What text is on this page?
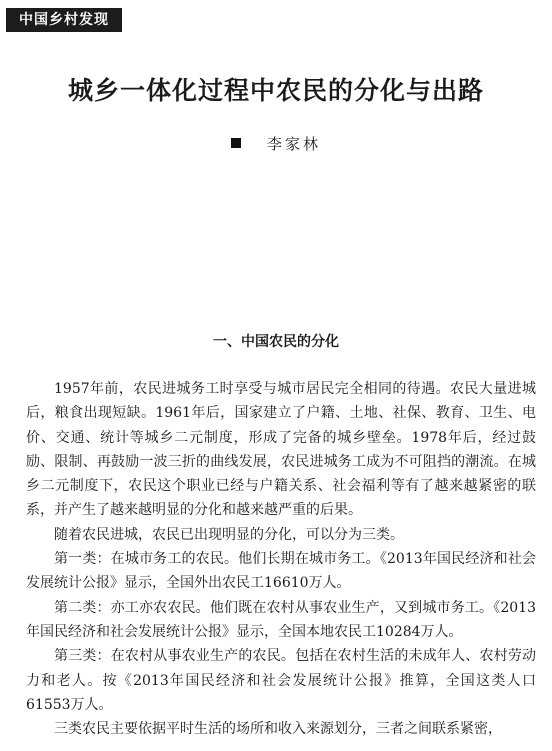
中国乡村发现
城乡一体化过程中农民的分化与出路
李家林
一、中国农民的分化

1957年前，农民进城务工时享受与城市居民完全相同的待遇。农民大量进城后，粮食出现短缺。1961年后，国家建立了户籍、土地、社保、教育、卫生、电价、交通、统计等城乡二元制度，形成了完备的城乡壁垒。1978年后，经过鼓励、限制、再鼓励一波三折的曲线发展，农民进城务工成为不可阻挡的潮流。在城乡二元制度下，农民这个职业已经与户籍关系、社会福利等有了越来越紧密的联系，并产生了越来越明显的分化和越来越严重的后果。

随着农民进城，农民已出现明显的分化，可以分为三类。

第一类：在城市务工的农民。他们长期在城市务工。《2013年国民经济和社会发展统计公报》显示，全国外出农民工16610万人。

第二类：亦工亦农农民。他们既在农村从事农业生产，又到城市务工。《2013年国民经济和社会发展统计公报》显示，全国本地农民工10284万人。

第三类：在农村从事农业生产的农民。包括在农村生活的未成年人、农村劳动力和老人。按《2013年国民经济和社会发展统计公报》推算，全国这类人口61553万人。

三类农民主要依据平时生活的场所和收入来源划分，三者之间联系紧密，
